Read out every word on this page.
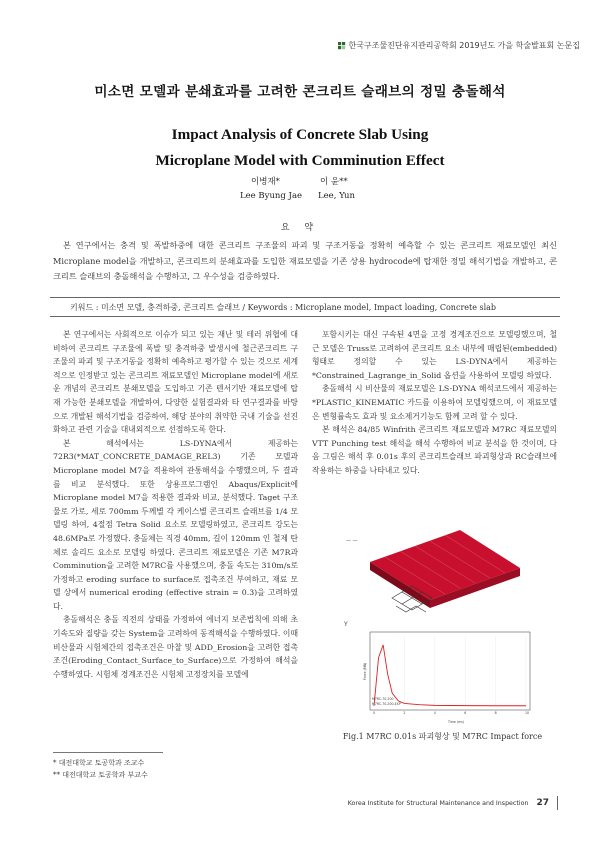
한국구조물진단유지관리공학회 2019년도 가을 학술발표회 논문집
미소면 모델과 분쇄효과를 고려한 콘크리트 슬래브의 정밀 충돌해석
Impact Analysis of Concrete Slab Using
Microplane Model with Comminution Effect
이병재*
Lee Byung Jae
이 윤**
Lee, Yun
요 약
본 연구에서는 충격 및 폭발하중에 대한 콘크리트 구조물의 파괴 및 구조거동을 정확히 예측할 수 있는 콘크리트 재료모델인 최신 Microplane model을 개발하고, 콘크리트의 분쇄효과를 도입한 재료모델을 기존 상용 hydrocode에 탑재한 정밀 해석기법을 개발하고, 콘크리트 슬래브의 충돌해석을 수행하고, 그 우수성을 검증하였다.
키워드 : 미소면 모델, 충격하중, 콘크리트 슬래브 / Keywords : Microplane model, Impact loading, Concrete slab

본 연구에서는 사회적으로 이슈가 되고 있는 재난 및 테러 위협에 대비하여 콘크리트 구조물에 폭발 및 충격하중 발생시에 철근콘크리트 구조물의 파괴 및 구조거동을 정확히 예측하고 평가할 수 있는 것으로 세계적으로 인정받고 있는 콘크리트 재료모델인 Microplane model에 새로운 개념의 콘크리트 분쇄모델을 도입하고 기존 텐서기반 재료모델에 탑재 가능한 분쇄모델을 개발하여, 다양한 실험결과와 타 연구결과를 바탕으로 개발된 해석기법을 검증하여, 해당 분야의 취약한 국내 기술을 선진화하고 관련 기술을 대내외적으로 선점하도록 한다.

본 해석에서는 LS-DYNA에서 제공하는 72R3(*MAT_CONCRETE_DAMAGE_REL3) 기존 모델과 Microplane model M7을 적용하여 관통해석을 수행했으며, 두 결과를 비교 분석했다. 또한 상용프로그램인 Abaqus/Explicit에 Microplane model M7을 적용한 결과와 비교, 분석했다. Taget 구조물로 가로, 세로 700mm 두께별 각 케이스별 콘크리트 슬래브를 1/4 모델링 하여, 4절점 Tetra Solid 요소로 모델링하였고, 콘크리트 강도는 48.6MPa로 가정했다. 충돌체는 직경 40mm, 길이 120mm 인 철제 탄체로 솔리드 요소로 모델링 하였다. 콘크리트 재료모델은 기존 M7R과 Comminution을 고려한 M7RC를 사용했으며, 충돌 속도는 310m/s로 가정하고 eroding surface to surface로 접촉조건 부여하고, 재료 모델 상에서 numerical eroding (effective strain = 0.3)을 고려하였다.

충돌해석은 충돌 직전의 상태를 가정하여 에너지 보존법칙에 의해 초기속도와 질량을 갖는 System을 고려하여 동적해석을 수행하였다. 이때 비산물과 시험체간의 접촉조건은 마찰 및 ADD_Erosion을 고려한 접촉조건(Eroding_Contact_Surface_to_Surface)으로 가정하여 해석을 수행하였다. 시험체 경계조건은 시험체 고정장치를 모델에

포함시키는 대신 구속된 4면을 고정 경계조건으로 모델링했으며, 철근 모델은 Truss로 고려하여 콘크리트 요소 내부에 매립된(embedded) 형태로 정의할 수 있는 LS-DYNA에서 제공하는 *Constrained_Lagrange_in_Solid 옵션을 사용하여 모델링 하였다.

충돌해석 시 비산물의 재료모델은 LS-DYNA 해석코드에서 제공하는 *PLASTIC_KINEMATIC 카드를 이용하여 모델링했으며, 이 재료모델은 변형률속도 효과 및 요소제거기능도 함께 고려 할 수 있다.

본 해석은 84/85 Winfrith 콘크리트 재료모델과 M7RC 재료모델의 VTT Punching test 해석을 해석 수행하여 비교 분석을 한 것이며, 다음 그림은 해석 후 0.01s 후의 콘크리트슬래브 파괴형상과 RC슬래브에 작용하는 하중을 나타내고 있다.

— —
0	2	4	6	8	10
Force (MN)
Time (ms)
M7RC-70-200
M7RC-70-200-EXP
Y
Fig.1 M7RC 0.01s 파괴형상 및 M7RC Impact force
* 대전대학교 토공학과 조교수
** 대전대학교 토공학과 부교수
Korea Institute for Structural Maintenance and Inspection 27
